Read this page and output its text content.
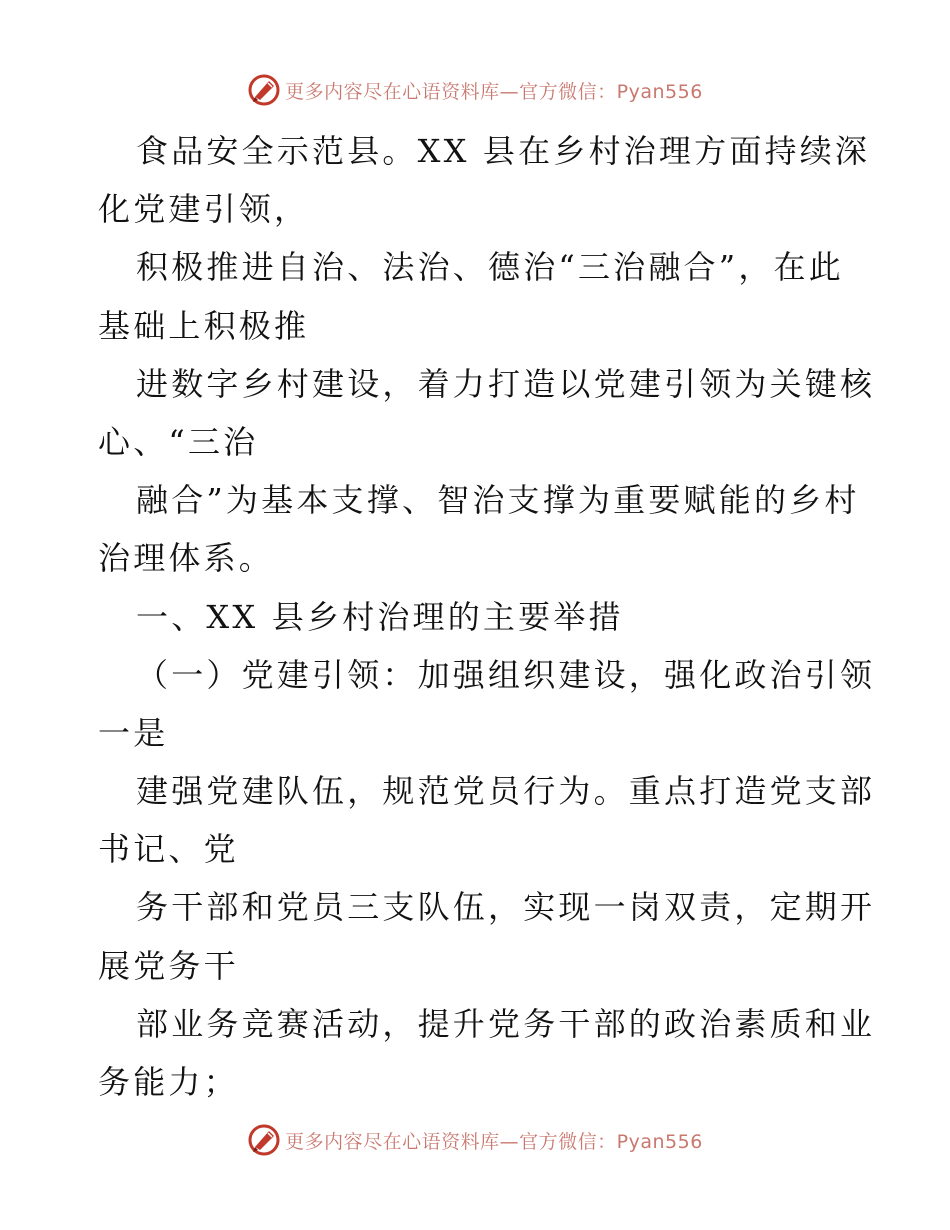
更多内容尽在心语资料库—官方微信：Pyan556
食品安全示范县。XX 县在乡村治理方面持续深
化党建引领，
积极推进自治、法治、德治“三治融合”，在此
基础上积极推
进数字乡村建设，着力打造以党建引领为关键核
心、“三治
融合”为基本支撑、智治支撑为重要赋能的乡村
治理体系。
一、XX 县乡村治理的主要举措
（一）党建引领：加强组织建设，强化政治引领
一是
建强党建队伍，规范党员行为。重点打造党支部
书记、党
务干部和党员三支队伍，实现一岗双责，定期开
展党务干
部业务竞赛活动，提升党务干部的政治素质和业
务能力；
更多内容尽在心语资料库—官方微信：Pyan556
